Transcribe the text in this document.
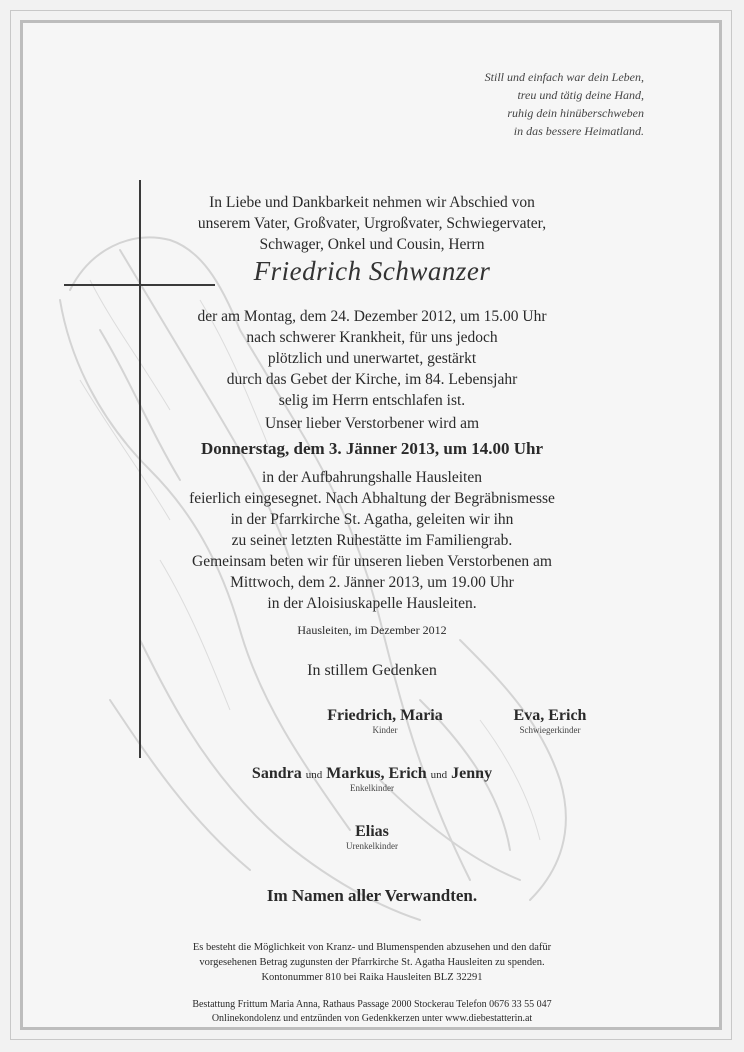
Still und einfach war dein Leben,
treu und tätig deine Hand,
ruhig dein hinüberschweben
in das bessere Heimatland.
In Liebe und Dankbarkeit nehmen wir Abschied von
unserem Vater, Großvater, Urgroßvater, Schwiegervater,
Schwager, Onkel und Cousin, Herrn
Friedrich Schwanzer
der am Montag, dem 24. Dezember 2012, um 15.00 Uhr
nach schwerer Krankheit, für uns jedoch
plötzlich und unerwartet, gestärkt
durch das Gebet der Kirche, im 84. Lebensjahr
selig im Herrn entschlafen ist.
Unser lieber Verstorbener wird am
Donnerstag, dem 3. Jänner 2013, um 14.00 Uhr
in der Aufbahrungshalle Hausleiten
feierlich eingesegnet. Nach Abhaltung der Begräbnismesse
in der Pfarrkirche St. Agatha, geleiten wir ihn
zu seiner letzten Ruhestätte im Familiengrab.
Gemeinsam beten wir für unseren lieben Verstorbenen am
Mittwoch, dem 2. Jänner 2013, um 19.00 Uhr
in der Aloisiuskapelle Hausleiten.
Hausleiten, im Dezember 2012
In stillem Gedenken
Friedrich, Maria
Kinder
Eva, Erich
Schwiegerkinder
Sandra und Markus, Erich und Jenny
Enkelkinder
Elias
Urenkelkinder
Im Namen aller Verwandten.
Es besteht die Möglichkeit von Kranz- und Blumenspenden abzusehen und den dafür
vorgesehenen Betrag zugunsten der Pfarrkirche St. Agatha Hausleiten zu spenden.
Kontonummer 810 bei Raika Hausleiten BLZ 32291
Bestattung Frittum Maria Anna, Rathaus Passage 2000 Stockerau Telefon 0676 33 55 047
Onlinekondolenz und entzünden von Gedenkkerzen unter www.diebestatterin.at
